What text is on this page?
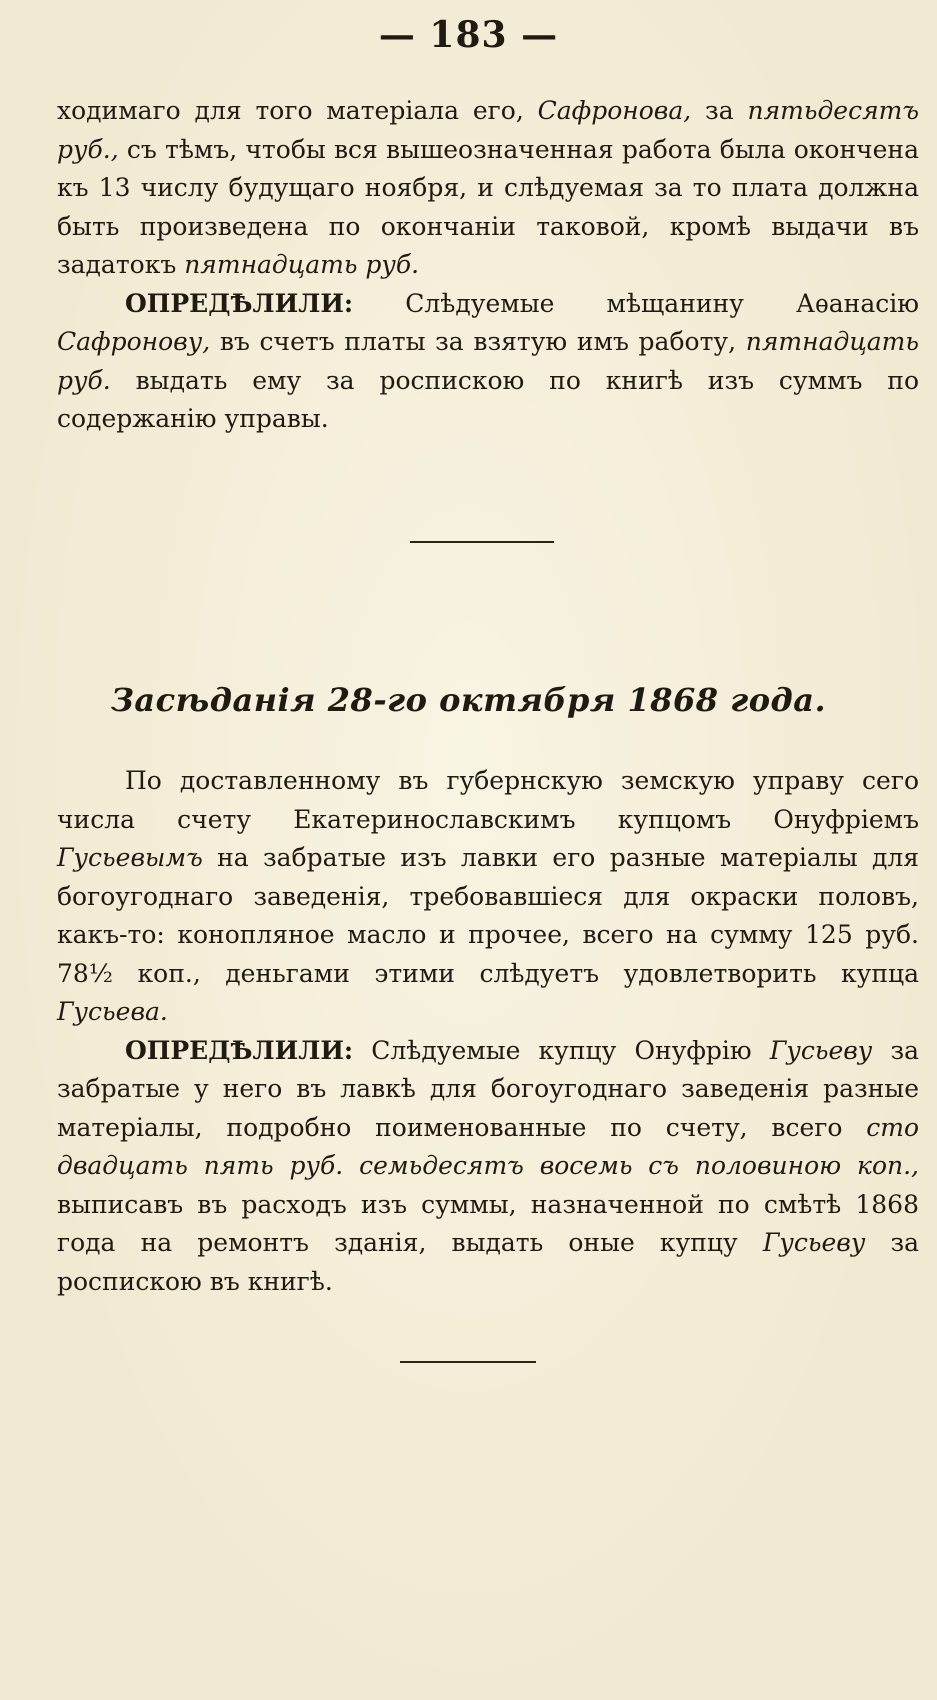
— 183 —

ходимаго для того матеріала его, Сафронова, за пятьдесятъ руб., съ тѣмъ, чтобы вся вышеозначенная работа была окончена къ 13 числу будущаго ноября, и слѣдуемая за то плата должна быть произведена по окончаніи таковой, кромѣ выдачи въ задатокъ пятнадцать руб.

ОПРЕДѢЛИЛИ: Слѣдуемые мѣщанину Аѳанасію Сафронову, въ счетъ платы за взятую имъ работу, пятнадцать руб. выдать ему за роспискою по книгѣ изъ суммъ по содержанію управы.

Засѣданія 28-го октября 1868 года.

По доставленному въ губернскую земскую управу сего числа счету Екатеринославскимъ купцомъ Онуфріемъ Гусьевымъ на забратые изъ лавки его разные матеріалы для богоугоднаго заведенія, требовавшіеся для окраски половъ, какъ-то: конопляное масло и прочее, всего на сумму 125 руб. 78½ коп., деньгами этими слѣдуетъ удовлетворить купца Гусьева.

ОПРЕДѢЛИЛИ: Слѣдуемые купцу Онуфрію Гусьеву за забратые у него въ лавкѣ для богоугоднаго заведенія разные матеріалы, подробно поименованные по счету, всего сто двадцать пять руб. семьдесятъ восемь съ половиною коп., выписавъ въ расходъ изъ суммы, назначенной по смѣтѣ 1868 года на ремонтъ зданія, выдать оные купцу Гусьеву за роспискою въ книгѣ.
